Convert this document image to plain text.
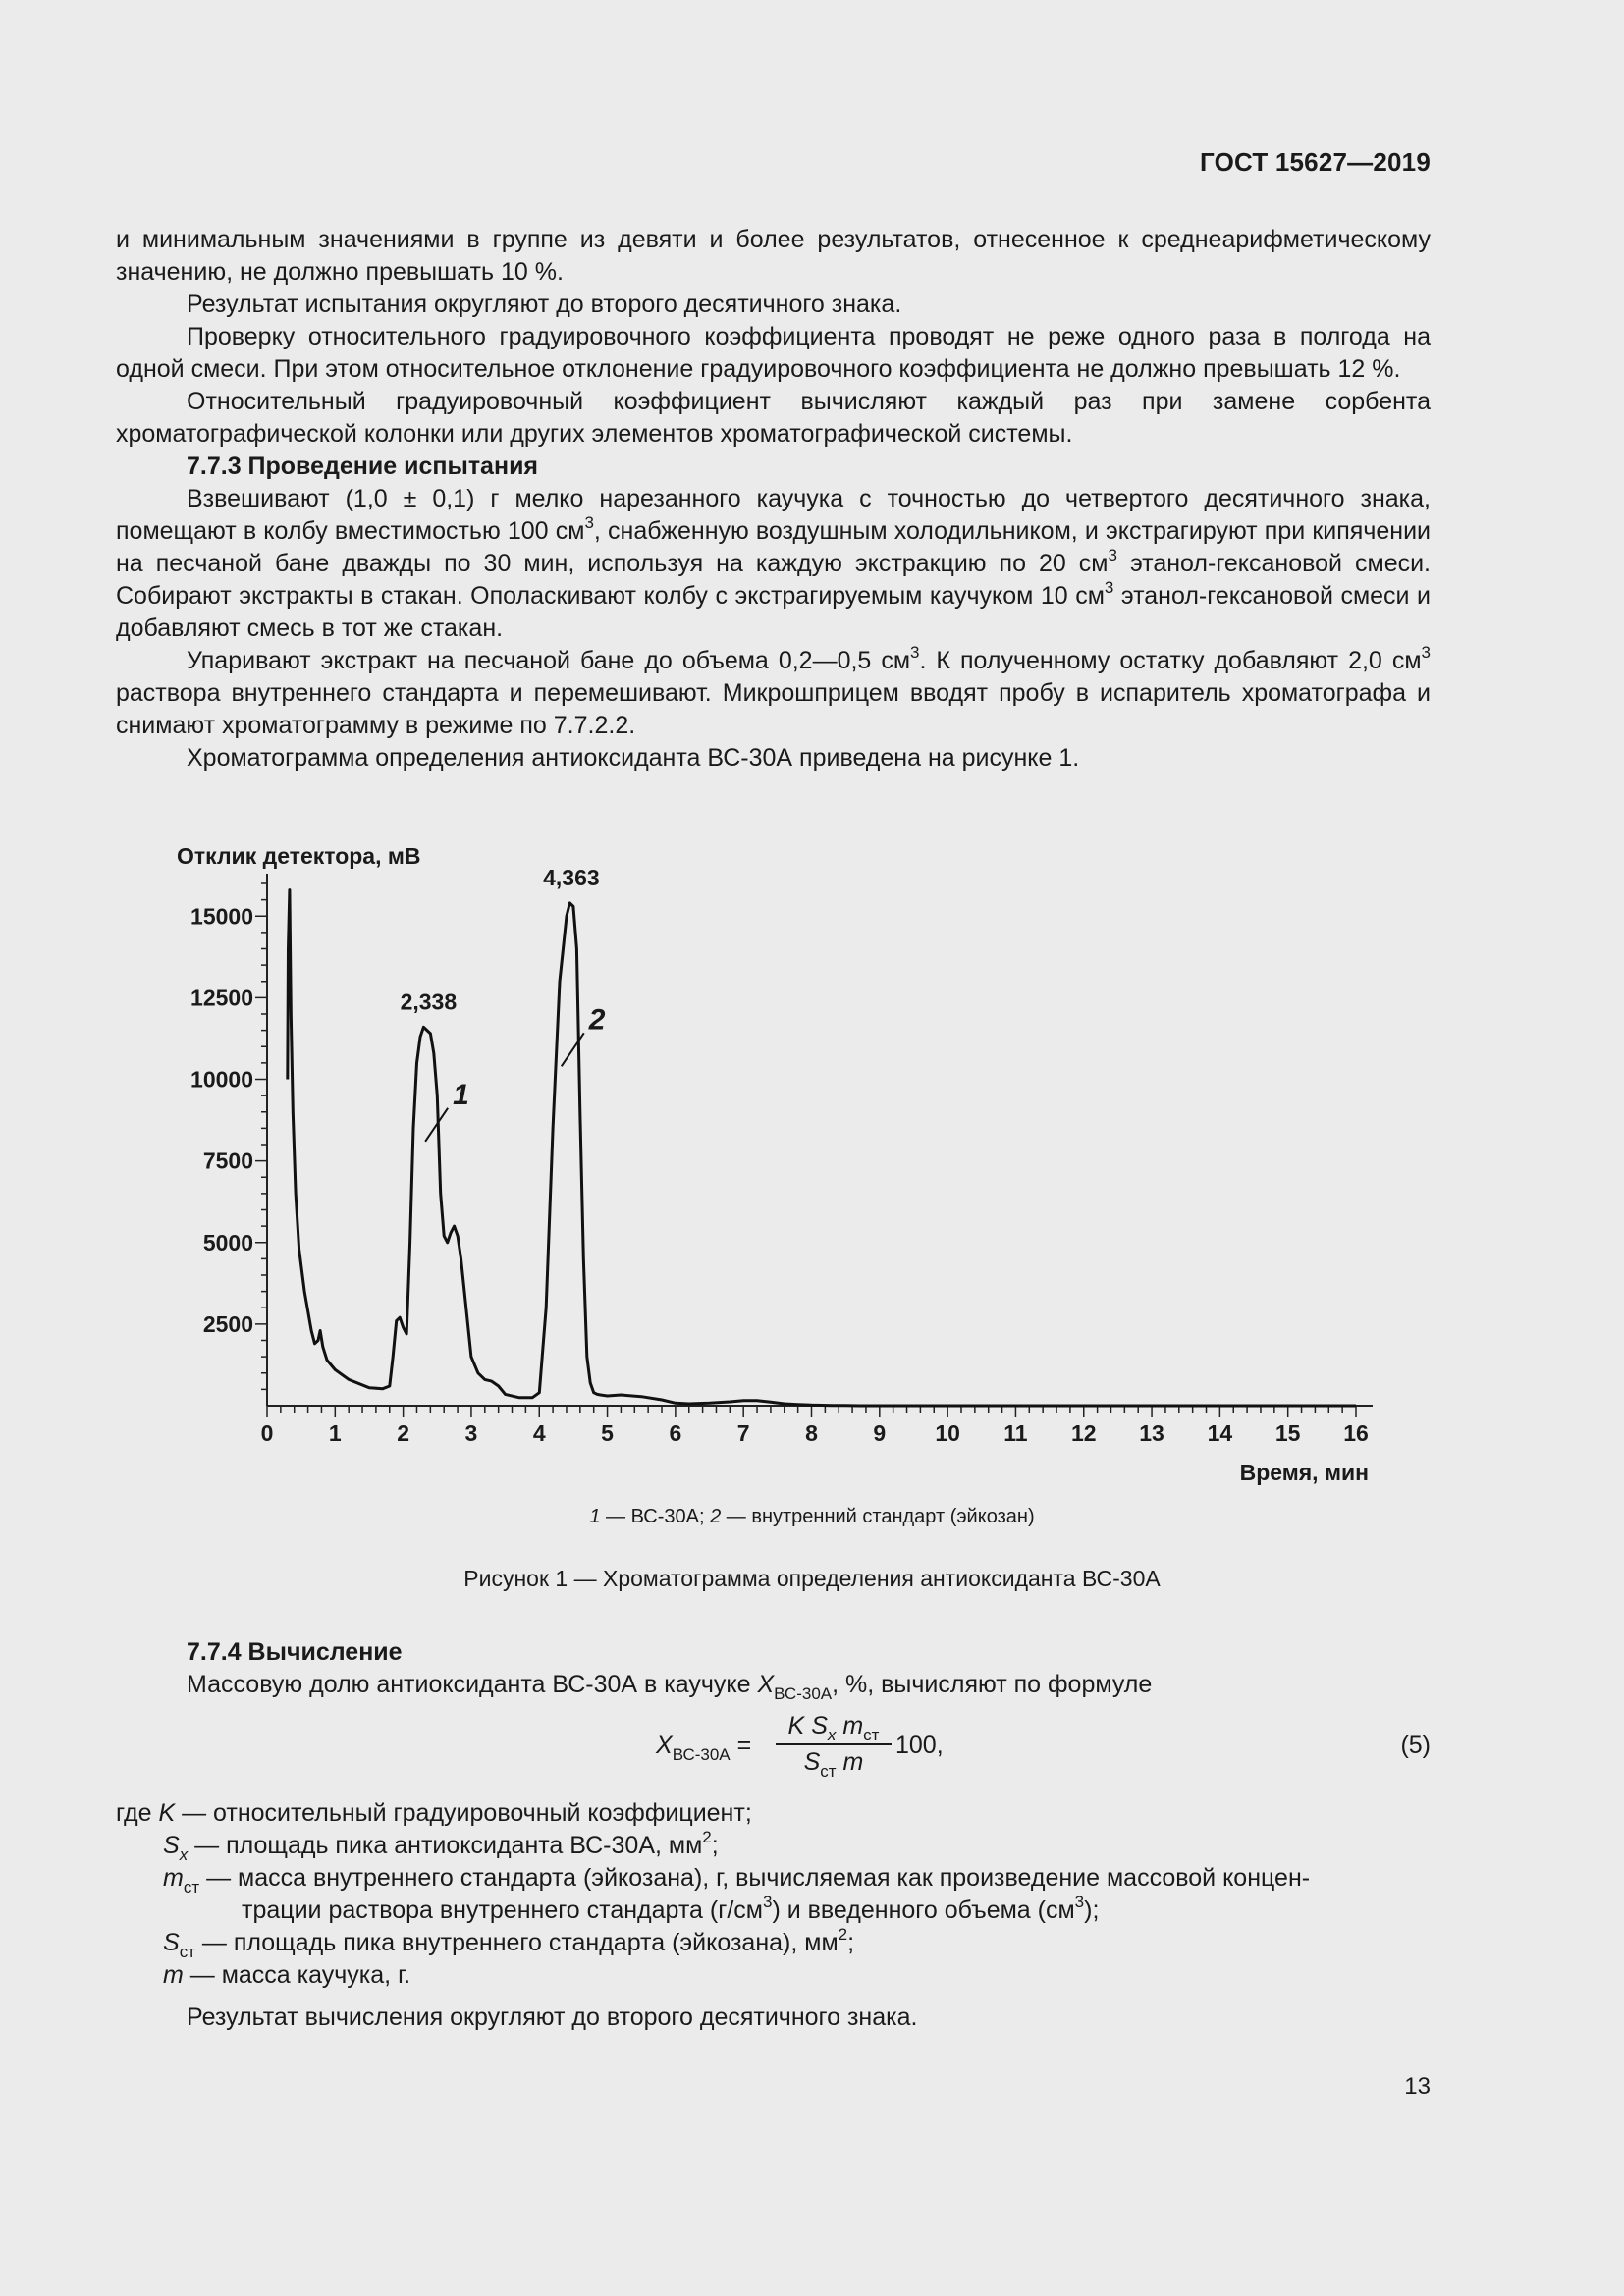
ГОСТ 15627—2019

и минимальным значениями в группе из девяти и более результатов, отнесенное к среднеарифметическому значению, не должно превышать 10 %.

Результат испытания округляют до второго десятичного знака.

Проверку относительного градуировочного коэффициента проводят не реже одного раза в полгода на одной смеси. При этом относительное отклонение градуировочного коэффициента не должно превышать 12 %.

Относительный градуировочный коэффициент вычисляют каждый раз при замене сорбента хроматографической колонки или других элементов хроматографической системы.

7.7.3 Проведение испытания

Взвешивают (1,0 ± 0,1) г мелко нарезанного каучука с точностью до четвертого десятичного знака, помещают в колбу вместимостью 100 $см^3$, снабженную воздушным холодильником, и экстрагируют при кипячении на песчаной бане дважды по 30 мин, используя на каждую экстракцию по 20 $см^3$ этанол-гексановой смеси. Собирают экстракты в стакан. Ополаскивают колбу с экстрагируемым каучуком 10 $см^3$ этанол-гексановой смеси и добавляют смесь в тот же стакан.

Упаривают экстракт на песчаной бане до объема 0,2—0,5 $см^3$. К полученному остатку добавляют 2,0 $см^3$ раствора внутреннего стандарта и перемешивают. Микрошприцем вводят пробу в испаритель хроматографа и снимают хроматограмму в режиме по 7.7.2.2.

Хроматограмма определения антиоксиданта ВС-30А приведена на рисунке 1.

2500
5000
7500
10000
12500
15000
0 1 2 3 4 5 6 7 8 9 10 11 12 13 14 15 16
Отклик детектора, мВ
Время, мин
2,338
4,363
1
2
1 — ВС-30А; 2 — внутренний стандарт (эйкозан)
Рисунок 1 — Хроматограмма определения антиоксиданта ВС-30А

7.7.4 Вычисление

Массовую долю антиоксиданта ВС-30А в каучуке $X_{ВС-30А}$, %, вычисляют по формуле

$X_{ВС-30А}$ =
K $S_x$ $m_{ст}$
$S_{ст}$ m
100,	(5)

где K — относительный градуировочный коэффициент;

$S_x$ — площадь пика антиоксиданта ВС-30А, $мм^2$;

$m_{ст}$ — масса внутреннего стандарта (эйкозана), г, вычисляемая как произведение массовой концен-

трации раствора внутреннего стандарта $(г/см^3)$ и введенного объема $(см^3)$;

$S_{ст}$ — площадь пика внутреннего стандарта (эйкозана), $мм^2$;

m — масса каучука, г.

Результат вычисления округляют до второго десятичного знака.

13
